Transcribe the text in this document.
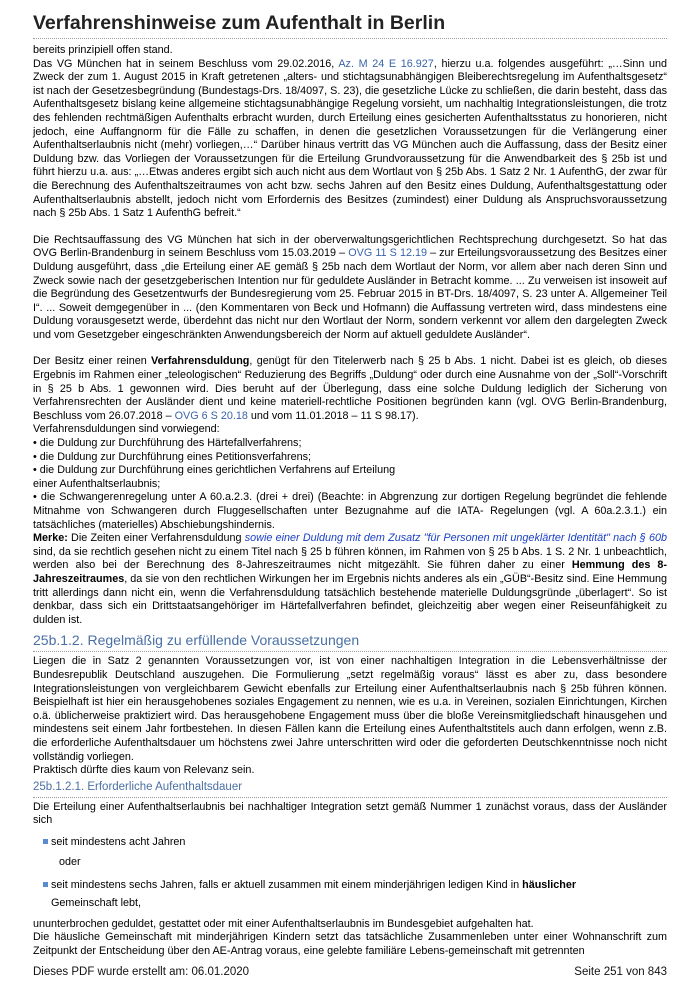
Verfahrenshinweise zum Aufenthalt in Berlin

bereits prinzipiell offen stand.

Das VG München hat in seinem Beschluss vom 29.02.2016, Az. M 24 E 16.927, hierzu u.a. folgendes ausgeführt: „…Sinn und Zweck der zum 1. August 2015 in Kraft getretenen „alters- und stichtagsunabhängigen Bleiberechtsregelung im Aufenthaltsgesetz“ ist nach der Gesetzesbegründung (Bundestags-Drs. 18/4097, S. 23), die gesetzliche Lücke zu schließen, die darin besteht, dass das Aufenthaltsgesetz bislang keine allgemeine stichtagsunabhängige Regelung vorsieht, um nachhaltig Integrationsleistungen, die trotz des fehlenden rechtmäßigen Aufenthalts erbracht wurden, durch Erteilung eines gesicherten Aufenthaltsstatus zu honorieren, nicht jedoch, eine Auffangnorm für die Fälle zu schaffen, in denen die gesetzlichen Voraussetzungen für die Verlängerung einer Aufenthaltserlaubnis nicht (mehr) vorliegen,…“ Darüber hinaus vertritt das VG München auch die Auffassung, dass der Besitz einer Duldung bzw. das Vorliegen der Voraussetzungen für die Erteilung Grundvoraussetzung für die Anwendbarkeit des § 25b ist und führt hierzu u.a. aus: „…Etwas anderes ergibt sich auch nicht aus dem Wortlaut von § 25b Abs. 1 Satz 2 Nr. 1 AufenthG, der zwar für die Berechnung des Aufenthaltszeitraumes von acht bzw. sechs Jahren auf den Besitz eines Duldung, Aufenthaltsgestattung oder Aufenthaltserlaubnis abstellt, jedoch nicht vom Erfordernis des Besitzes (zumindest) einer Duldung als Anspruchsvoraussetzung nach § 25b Abs. 1 Satz 1 AufenthG befreit.“

Die Rechtsauffassung des VG München hat sich in der oberverwaltungsgerichtlichen Rechtsprechung durchgesetzt. So hat das OVG Berlin-Brandenburg in seinem Beschluss vom 15.03.2019 – OVG 11 S 12.19 – zur Erteilungsvoraussetzung des Besitzes einer Duldung ausgeführt, dass „die Erteilung einer AE gemäß § 25b nach dem Wortlaut der Norm, vor allem aber nach deren Sinn und Zweck sowie nach der gesetzgeberischen Intention nur für geduldete Ausländer in Betracht komme. ... Zu verweisen ist insoweit auf die Begründung des Gesetzentwurfs der Bundesregierung vom 25. Februar 2015 in BT-Drs. 18/4097, S. 23 unter A. Allgemeiner Teil I“. ... Soweit demgegenüber in ... (den Kommentaren von Beck und Hofmann) die Auffassung vertreten wird, dass mindestens eine Duldung vorausgesetzt werde, überdehnt das nicht nur den Wortlaut der Norm, sondern verkennt vor allem den dargelegten Zweck und vom Gesetzgeber eingeschränkten Anwendungsbereich der Norm auf aktuell geduldete Ausländer“.

Der Besitz einer reinen Verfahrensduldung, genügt für den Titelerwerb nach § 25 b Abs. 1 nicht. Dabei ist es gleich, ob dieses Ergebnis im Rahmen einer „teleologischen“ Reduzierung des Begriffs „Duldung“ oder durch eine Ausnahme von der „Soll“-Vorschrift in § 25 b Abs. 1 gewonnen wird. Dies beruht auf der Überlegung, dass eine solche Duldung lediglich der Sicherung von Verfahrensrechten der Ausländer dient und keine materiell-rechtliche Positionen begründen kann (vgl. OVG Berlin-Brandenburg, Beschluss vom 26.07.2018 – OVG 6 S 20.18 und vom 11.01.2018 – 11 S 98.17).

Verfahrensduldungen sind vorwiegend:

• die Duldung zur Durchführung des Härtefallverfahrens;

• die Duldung zur Durchführung eines Petitionsverfahrens;

• die Duldung zur Durchführung eines gerichtlichen Verfahrens auf Erteilung

einer Aufenthaltserlaubnis;

• die Schwangerenregelung unter A 60.a.2.3. (drei + drei) (Beachte: in Abgrenzung zur dortigen Regelung begründet die fehlende Mitnahme von Schwangeren durch Fluggesellschaften unter Bezugnahme auf die IATA- Regelungen (vgl. A 60a.2.3.1.) ein tatsächliches (materielles) Abschiebungshindernis.

Merke: Die Zeiten einer Verfahrensduldung sowie einer Duldung mit dem Zusatz "für Personen mit ungeklärter Identität" nach § 60b sind, da sie rechtlich gesehen nicht zu einem Titel nach § 25 b führen können, im Rahmen von § 25 b Abs. 1 S. 2 Nr. 1 unbeachtlich, werden also bei der Berechnung des 8-Jahreszeitraumes nicht mitgezählt. Sie führen daher zu einer Hemmung des 8-Jahreszeitraumes, da sie von den rechtlichen Wirkungen her im Ergebnis nichts anderes als ein „GÜB“-Besitz sind. Eine Hemmung tritt allerdings dann nicht ein, wenn die Verfahrensduldung tatsächlich bestehende materielle Duldungsgründe „überlagert“. So ist denkbar, dass sich ein Drittstaatsangehöriger im Härtefallverfahren befindet, gleichzeitig aber wegen einer Reiseunfähigkeit zu dulden ist.

25b.1.2. Regelmäßig zu erfüllende Voraussetzungen

Liegen die in Satz 2 genannten Voraussetzungen vor, ist von einer nachhaltigen Integration in die Lebensverhältnisse der Bundesrepublik Deutschland auszugehen. Die Formulierung „setzt regelmäßig voraus“ lässt es aber zu, dass besondere Integrationsleistungen von vergleichbarem Gewicht ebenfalls zur Erteilung einer Aufenthaltserlaubnis nach § 25b führen können. Beispielhaft ist hier ein herausgehobenes soziales Engagement zu nennen, wie es u.a. in Vereinen, sozialen Einrichtungen, Kirchen o.ä. üblicherweise praktiziert wird. Das herausgehobene Engagement muss über die bloße Vereinsmitgliedschaft hinausgehen und mindestens seit einem Jahr fortbestehen. In diesen Fällen kann die Erteilung eines Aufenthaltstitels auch dann erfolgen, wenn z.B. die erforderliche Aufenthaltsdauer um höchstens zwei Jahre unterschritten wird oder die geforderten Deutschkenntnisse noch nicht vollständig vorliegen.

Praktisch dürfte dies kaum von Relevanz sein.

25b.1.2.1. Erforderliche Aufenthaltsdauer

Die Erteilung einer Aufenthaltserlaubnis bei nachhaltiger Integration setzt gemäß Nummer 1 zunächst voraus, dass der Ausländer sich

seit mindestens acht Jahren
oder
seit mindestens sechs Jahren, falls er aktuell zusammen mit einem minderjährigen ledigen Kind in häuslicher
Gemeinschaft lebt,

ununterbrochen geduldet, gestattet oder mit einer Aufenthaltserlaubnis im Bundesgebiet aufgehalten hat.

Die häusliche Gemeinschaft mit minderjährigen Kindern setzt das tatsächliche Zusammenleben unter einer Wohnanschrift zum Zeitpunkt der Entscheidung über den AE-Antrag voraus, eine gelebte familiäre Lebens-gemeinschaft mit getrennten

Dieses PDF wurde erstellt am: 06.01.2020	Seite 251 von 843
